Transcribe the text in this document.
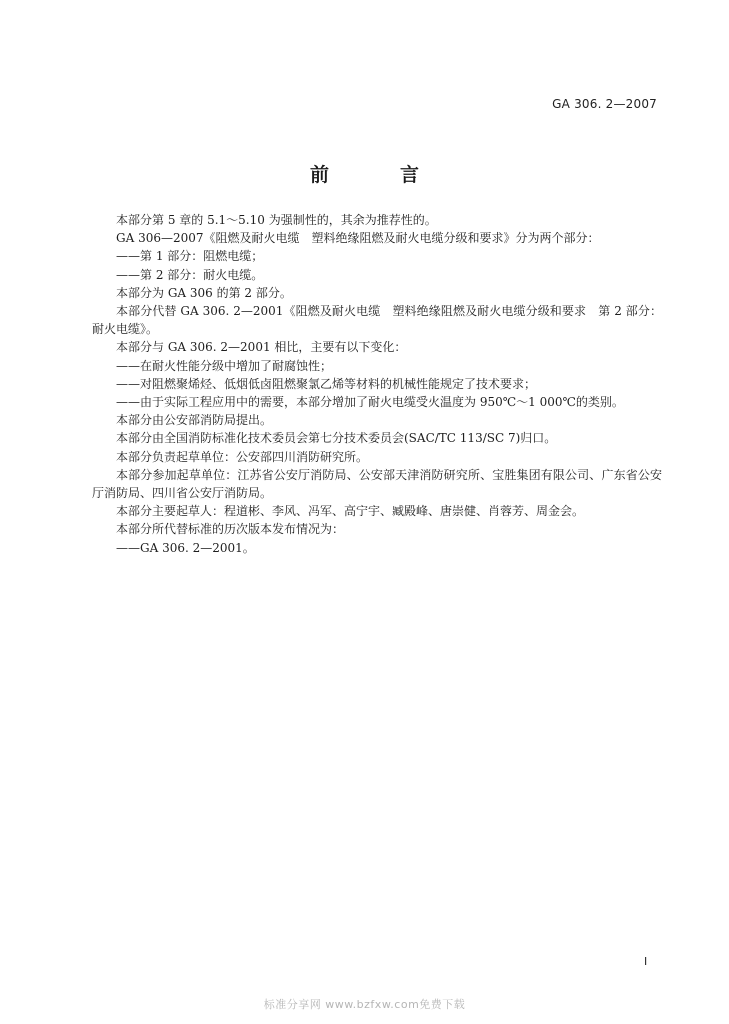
GA 306. 2—2007
前　言

本部分第 5 章的 5.1～5.10 为强制性的，其余为推荐性的。

GA 306—2007《阻燃及耐火电缆　塑料绝缘阻燃及耐火电缆分级和要求》分为两个部分：

——第 1 部分：阻燃电缆；

——第 2 部分：耐火电缆。

本部分为 GA 306 的第 2 部分。

本部分代替 GA 306. 2—2001《阻燃及耐火电缆　塑料绝缘阻燃及耐火电缆分级和要求　第 2 部分：耐火电缆》。

本部分与 GA 306. 2—2001 相比，主要有以下变化：

——在耐火性能分级中增加了耐腐蚀性；

——对阻燃聚烯烃、低烟低卤阻燃聚氯乙烯等材料的机械性能规定了技术要求；

——由于实际工程应用中的需要，本部分增加了耐火电缆受火温度为 950℃～1 000℃的类别。

本部分由公安部消防局提出。

本部分由全国消防标准化技术委员会第七分技术委员会(SAC/TC 113/SC 7)归口。

本部分负责起草单位：公安部四川消防研究所。

本部分参加起草单位：江苏省公安厅消防局、公安部天津消防研究所、宝胜集团有限公司、广东省公安厅消防局、四川省公安厅消防局。

本部分主要起草人：程道彬、李风、冯军、高宁宇、臧殿峰、唐崇健、肖蓉芳、周金会。

本部分所代替标准的历次版本发布情况为：

——GA 306. 2—2001。

I
标准分享网 www.bzfxw.com免费下载
